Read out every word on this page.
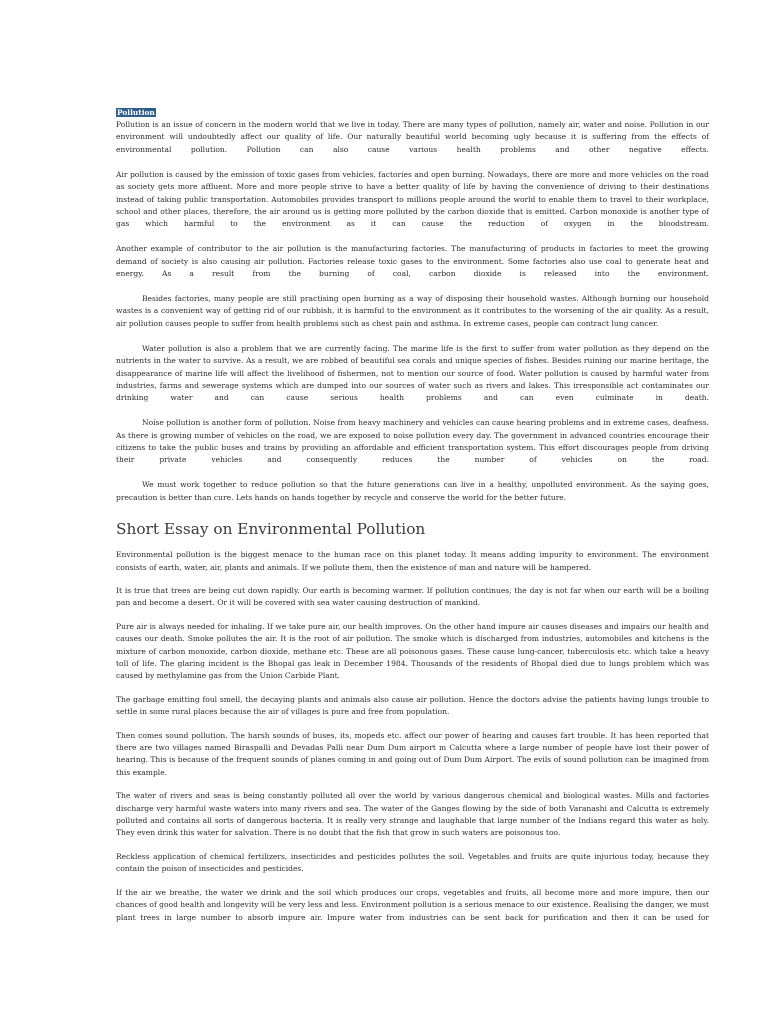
Pollution

Pollution is an issue of concern in the modern world that we live in today. There are many types of pollution, namely air, water and noise. Pollution in our environment will undoubtedly affect our quality of life. Our naturally beautiful world becoming ugly because it is suffering from the effects of environmental pollution. Pollution can also cause various health problems and other negative effects.

Air pollution is caused by the emission of toxic gases from vehicles, factories and open burning. Nowadays, there are more and more vehicles on the road as society gets more affluent. More and more people strive to have a better quality of life by having the convenience of driving to their destinations instead of taking public transportation. Automobiles provides transport to millions people around the world to enable them to travel to their workplace, school and other places, therefore, the air around us is getting more polluted by the carbon dioxide that is emitted. Carbon monoxide is another type of gas which harmful to the environment as it can cause the reduction of oxygen in the bloodstream.

Another example of contributor to the air pollution is the manufacturing factories. The manufacturing of products in factories to meet the growing demand of society is also causing air pollution. Factories release toxic gases to the environment. Some factories also use coal to generate heat and energy. As a result from the burning of coal, carbon dioxide is released into the environment.

Besides factories, many people are still practising open burning as a way of disposing their household wastes. Although burning our household wastes is a convenient way of getting rid of our rubbish, it is harmful to the environment as it contributes to the worsening of the air quality. As a result, air pollution causes people to suffer from health problems such as chest pain and asthma. In extreme cases, people can contract lung cancer.

Water pollution is also a problem that we are currently facing. The marine life is the first to suffer from water pollution as they depend on the nutrients in the water to survive. As a result, we are robbed of beautiful sea corals and unique species of fishes. Besides ruining our marine heritage, the disappearance of marine life will affect the livelihood of fishermen, not to mention our source of food. Water pollution is caused by harmful water from industries, farms and sewerage systems which are dumped into our sources of water such as rivers and lakes. This irresponsible act contaminates our drinking water and can cause serious health problems and can even culminate in death.

Noise pollution is another form of pollution. Noise from heavy machinery and vehicles can cause hearing problems and in extreme cases, deafness. As there is growing number of vehicles on the road, we are exposed to noise pollution every day. The government in advanced countries encourage their citizens to take the public buses and trains by providing an affordable and efficient transportation system. This effort discourages people from driving their private vehicles and consequently reduces the number of vehicles on the road.

We must work together to reduce pollution so that the future generations can live in a healthy, unpolluted environment. As the saying goes, precaution is better than cure. Lets hands on hands together by recycle and conserve the world for the better future.

Short Essay on Environmental Pollution

Environmental pollution is the biggest menace to the human race on this planet today. It means adding impurity to environment. The environment consists of earth, water, air, plants and animals. If we pollute them, then the existence of man and nature will be hampered.

It is true that trees are being cut down rapidly. Our earth is becoming warmer. If pollution continues, the day is not far when our earth will be a boiling pan and become a desert. Or it will be covered with sea water causing destruction of mankind.

Pure air is always needed for inhaling. If we take pure air, our health improves. On the other hand impure air causes diseases and impairs our health and causes our death. Smoke pollutes the air. It is the root of air pollution. The smoke which is discharged from industries, automobiles and kitchens is the mixture of carbon monoxide, carbon dioxide, methane etc. These are all poisonous gases. These cause lung-cancer, tuberculosis etc. which take a heavy toll of life. The glaring incident is the Bhopal gas leak in December 1984. Thousands of the residents of Bhopal died due to lungs problem which was caused by methylamine gas from the Union Carbide Plant.

The garbage emitting foul smell, the decaying plants and animals also cause air pollution. Hence the doctors advise the patients having lungs trouble to settle in some rural places because the air of villages is pure and free from population.

Then comes sound pollution. The harsh sounds of buses, its, mopeds etc. affect our power of hearing and causes fart trouble. It has been reported that there are two villages named Biraspalli and Devadas Palli near Dum Dum airport m Calcutta where a large number of people have lost their power of hearing. This is because of the frequent sounds of planes coming in and going out of Dum Dum Airport. The evils of sound pollution can be imagined from this example.

The water of rivers and seas is being constantly polluted all over the world by various dangerous chemical and biological wastes. Mills and factories discharge very harmful waste waters into many rivers and sea. The water of the Ganges flowing by the side of both Varanashi and Calcutta is extremely polluted and contains all sorts of dangerous bacteria. It is really very strange and laughable that large number of the Indians regard this water as holy. They even drink this water for salvation. There is no doubt that the fish that grow in such waters are poisonous too.

Reckless application of chemical fertilizers, insecticides and pesticides pollutes the soil. Vegetables and fruits are quite injurious today, because they contain the poison of insecticides and pesticides.

If the air we breathe, the water we drink and the soil which produces our crops, vegetables and fruits, all become more and more impure, then our chances of good health and longevity will be very less and less. Environment pollution is a serious menace to our existence. Realising the danger, we must plant trees in large number to absorb impure air. Impure water from industries can be sent back for purification and then it can be used for
